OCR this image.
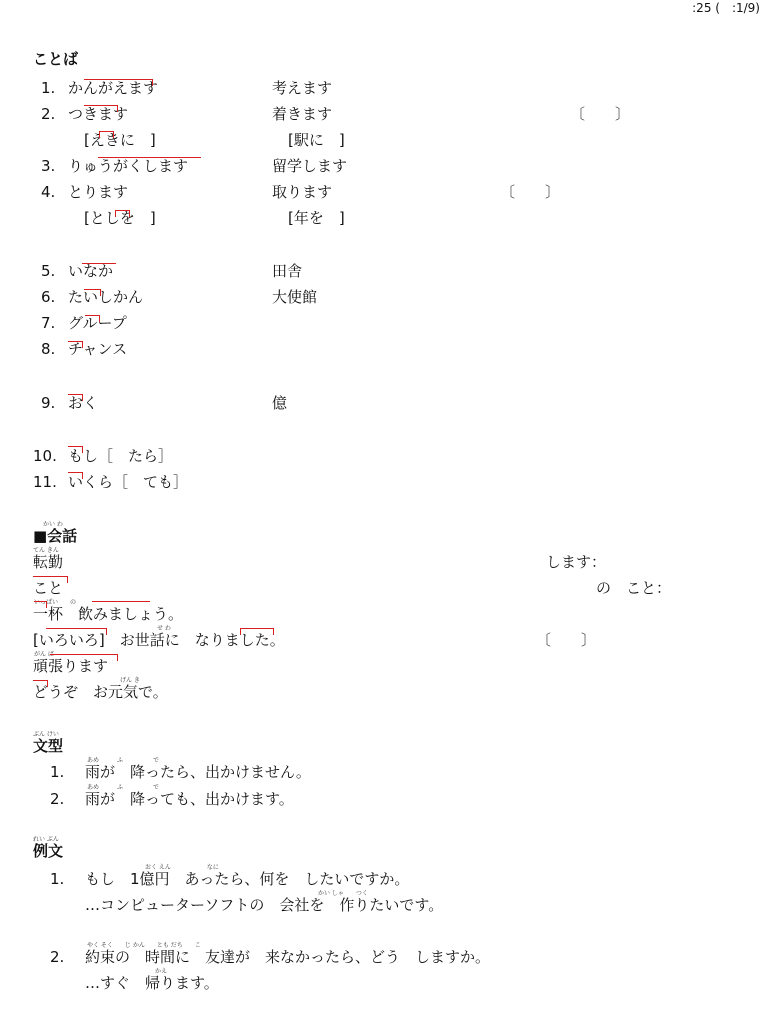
:25 (　:1/9)
ことば
1. かんがえます	考えます
2. つきます	着きます	〔　　〕
[えきに　]	[駅に　]
3. りゅうがくします	留学します
4. とります	取ります	〔　　〕
[としを　]	[年を　]
5. いなか	田舎
6. たいしかん	大使館
7. グループ
8. チャンス
9. おく	億
10. もし［　たら］
11. いくら［　ても］
かい わ
■会話
てん きん
転勤	します：
こと	の　こと：
いっぱい　　の
一杯　飲みましょう。
せ わ
[いろいろ]　お世話に　なりました。	〔　　〕
がん ば
頑張ります
げん き
どうぞ　お元気で。
ぶん けい
文型
1.
あめ　　　ふ　　　　　で
雨が　降ったら、出かけません。
2.
あめ　　　ふ　　　　　で
雨が　降っても、出かけます。
れい ぶん
例文
1.
おく えん　　　　　　なに
もし　1億円　あったら、何を　したいですか。
かい しゃ　　つく
…コンピューターソフトの　会社を　作りたいです。
2.
やく そく　　じ かん　　とも だち　　こ
約束の　時間に　友達が　来なかったら、どう　しますか。
かえ
…すぐ　帰ります。
